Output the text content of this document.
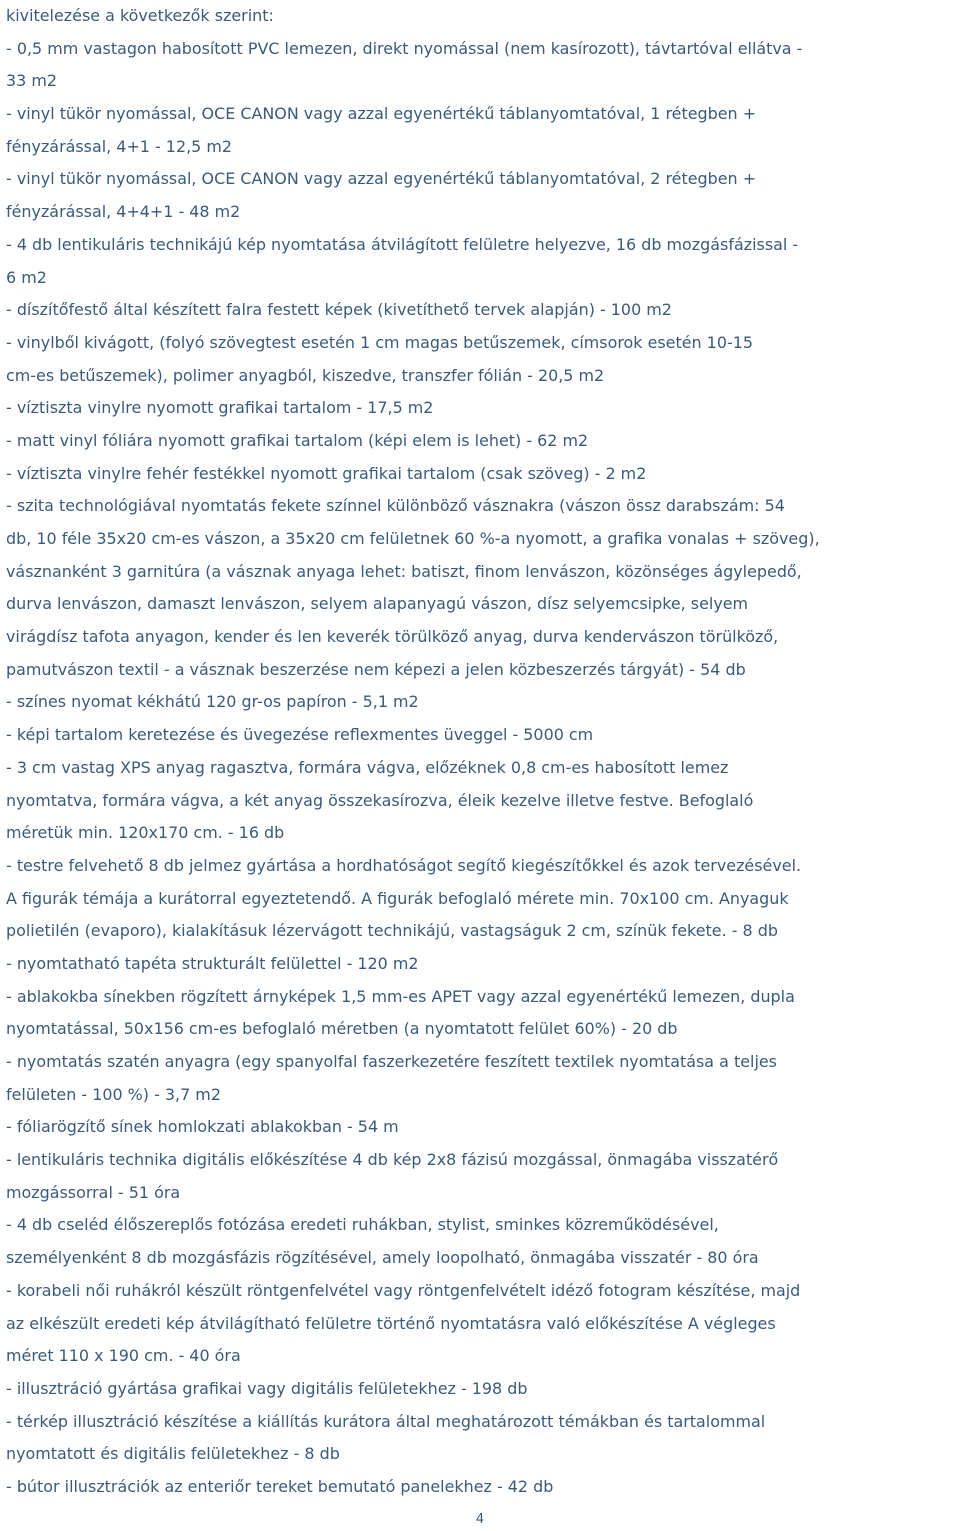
kivitelezése a következők szerint:
- 0,5 mm vastagon habosított PVC lemezen, direkt nyomással (nem kasírozott), távtartóval ellátva -
33 m2
- vinyl tükör nyomással, OCE CANON vagy azzal egyenértékű táblanyomtatóval, 1 rétegben +
fényzárással, 4+1 - 12,5 m2
- vinyl tükör nyomással, OCE CANON vagy azzal egyenértékű táblanyomtatóval, 2 rétegben +
fényzárással, 4+4+1 - 48 m2
- 4 db lentikuláris technikájú kép nyomtatása átvilágított felületre helyezve, 16 db mozgásfázissal -
6 m2
- díszítőfestő által készített falra festett képek (kivetíthető tervek alapján) - 100 m2
- vinylből kivágott, (folyó szövegtest esetén 1 cm magas betűszemek, címsorok esetén 10-15
cm-es betűszemek), polimer anyagból, kiszedve, transzfer fólián - 20,5 m2
- víztiszta vinylre nyomott grafikai tartalom - 17,5 m2
- matt vinyl fóliára nyomott grafikai tartalom (képi elem is lehet) - 62 m2
- víztiszta vinylre fehér festékkel nyomott grafikai tartalom (csak szöveg) - 2 m2
- szita technológiával nyomtatás fekete színnel különböző vásznakra (vászon össz darabszám: 54
db, 10 féle 35x20 cm-es vászon, a 35x20 cm felületnek 60 %-a nyomott, a grafika vonalas + szöveg),
vásznanként 3 garnitúra (a vásznak anyaga lehet: batiszt, finom lenvászon, közönséges ágylepedő,
durva lenvászon, damaszt lenvászon, selyem alapanyagú vászon, dísz selyemcsipke, selyem
virágdísz tafota anyagon, kender és len keverék törülköző anyag, durva kendervászon törülköző,
pamutvászon textil - a vásznak beszerzése nem képezi a jelen közbeszerzés tárgyát) - 54 db
- színes nyomat kékhátú 120 gr-os papíron - 5,1 m2
- képi tartalom keretezése és üvegezése reflexmentes üveggel - 5000 cm
- 3 cm vastag XPS anyag ragasztva, formára vágva, előzéknek 0,8 cm-es habosított lemez
nyomtatva, formára vágva, a két anyag összekasírozva, éleik kezelve illetve festve. Befoglaló
méretük min. 120x170 cm. - 16 db
- testre felvehető 8 db jelmez gyártása a hordhatóságot segítő kiegészítőkkel és azok tervezésével.
A figurák témája a kurátorral egyeztetendő. A figurák befoglaló mérete min. 70x100 cm. Anyaguk
polietilén (evaporo), kialakításuk lézervágott technikájú, vastagságuk 2 cm, színük fekete. - 8 db
- nyomtatható tapéta strukturált felülettel - 120 m2
- ablakokba sínekben rögzített árnyképek 1,5 mm-es APET vagy azzal egyenértékű lemezen, dupla
nyomtatással, 50x156 cm-es befoglaló méretben (a nyomtatott felület 60%) - 20 db
- nyomtatás szatén anyagra (egy spanyolfal faszerkezetére feszített textilek nyomtatása a teljes
felületen - 100 %) - 3,7 m2
- fóliarögzítő sínek homlokzati ablakokban - 54 m
- lentikuláris technika digitális előkészítése 4 db kép 2x8 fázisú mozgással, önmagába visszatérő
mozgássorral - 51 óra
- 4 db cseléd élőszereplős fotózása eredeti ruhákban, stylist, sminkes közreműködésével,
személyenként 8 db mozgásfázis rögzítésével, amely loopolható, önmagába visszatér - 80 óra
- korabeli női ruhákról készült röntgenfelvétel vagy röntgenfelvételt idéző fotogram készítése, majd
az elkészült eredeti kép átvilágítható felületre történő nyomtatásra való előkészítése A végleges
méret 110 x 190 cm. - 40 óra
- illusztráció gyártása grafikai vagy digitális felületekhez - 198 db
- térkép illusztráció készítése a kiállítás kurátora által meghatározott témákban és tartalommal
nyomtatott és digitális felületekhez - 8 db
- bútor illusztrációk az enteriőr tereket bemutató panelekhez - 42 db
4
